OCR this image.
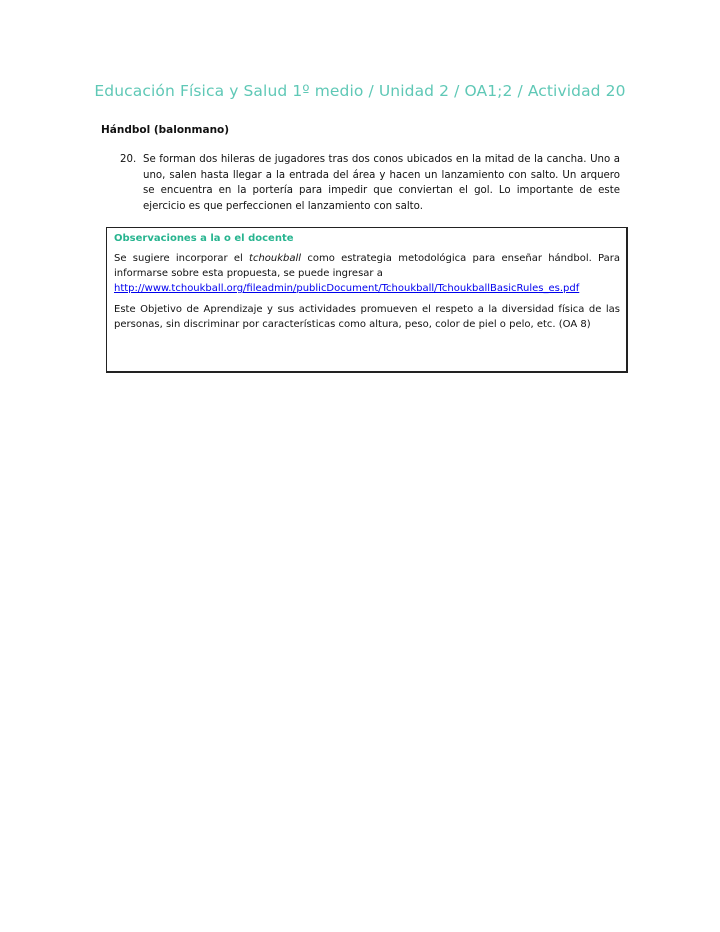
Educación Física y Salud 1º medio / Unidad 2 / OA1;2 / Actividad 20
Hándbol (balonmano)
20. Se forman dos hileras de jugadores tras dos conos ubicados en la mitad de la cancha. Uno a uno, salen hasta llegar a la entrada del área y hacen un lanzamiento con salto. Un arquero se encuentra en la portería para impedir que conviertan el gol. Lo importante de este ejercicio es que perfeccionen el lanzamiento con salto.
Observaciones a la o el docente

Se sugiere incorporar el tchoukball como estrategia metodológica para enseñar hándbol. Para informarse sobre esta propuesta, se puede ingresar a
http://www.tchoukball.org/fileadmin/publicDocument/Tchoukball/TchoukballBasicRules_es.pdf

Este Objetivo de Aprendizaje y sus actividades promueven el respeto a la diversidad física de las personas, sin discriminar por características como altura, peso, color de piel o pelo, etc. (OA 8)
